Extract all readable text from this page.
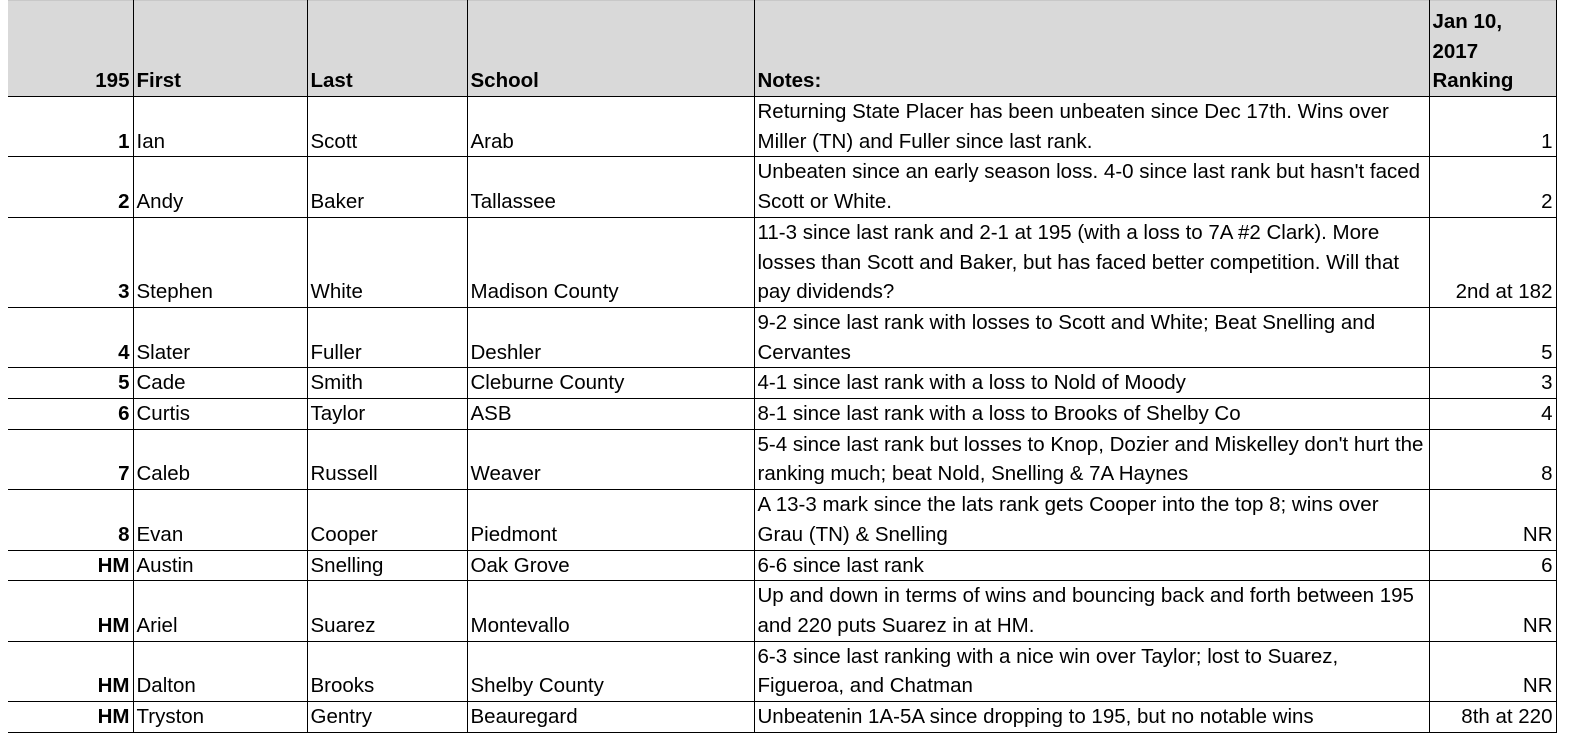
195	First	Last	School	Notes:	Jan 10, 2017 Ranking
1	Ian	Scott	Arab	Returning State Placer has been unbeaten since Dec 17th. Wins over Miller (TN) and Fuller since last rank.	1
2	Andy	Baker	Tallassee	Unbeaten since an early season loss. 4-0 since last rank but hasn't faced Scott or White.	2
3	Stephen	White	Madison County	11-3 since last rank and 2-1 at 195 (with a loss to 7A #2 Clark). More losses than Scott and Baker, but has faced better competition. Will that pay dividends?	2nd at 182
4	Slater	Fuller	Deshler	9-2 since last rank with losses to Scott and White; Beat Snelling and Cervantes	5
5	Cade	Smith	Cleburne County	4-1 since last rank with a loss to Nold of Moody	3
6	Curtis	Taylor	ASB	8-1 since last rank with a loss to Brooks of Shelby Co	4
7	Caleb	Russell	Weaver	5-4 since last rank but losses to Knop, Dozier and Miskelley don't hurt the ranking much; beat Nold, Snelling & 7A Haynes	8
8	Evan	Cooper	Piedmont	A 13-3 mark since the lats rank gets Cooper into the top 8; wins over Grau (TN) & Snelling	NR
HM	Austin	Snelling	Oak Grove	6-6 since last rank	6
HM	Ariel	Suarez	Montevallo	Up and down in terms of wins and bouncing back and forth between 195 and 220 puts Suarez in at HM.	NR
HM	Dalton	Brooks	Shelby County	6-3 since last ranking with a nice win over Taylor; lost to Suarez, Figueroa, and Chatman	NR
HM	Tryston	Gentry	Beauregard	Unbeatenin 1A-5A since dropping to 195, but no notable wins	8th at 220
